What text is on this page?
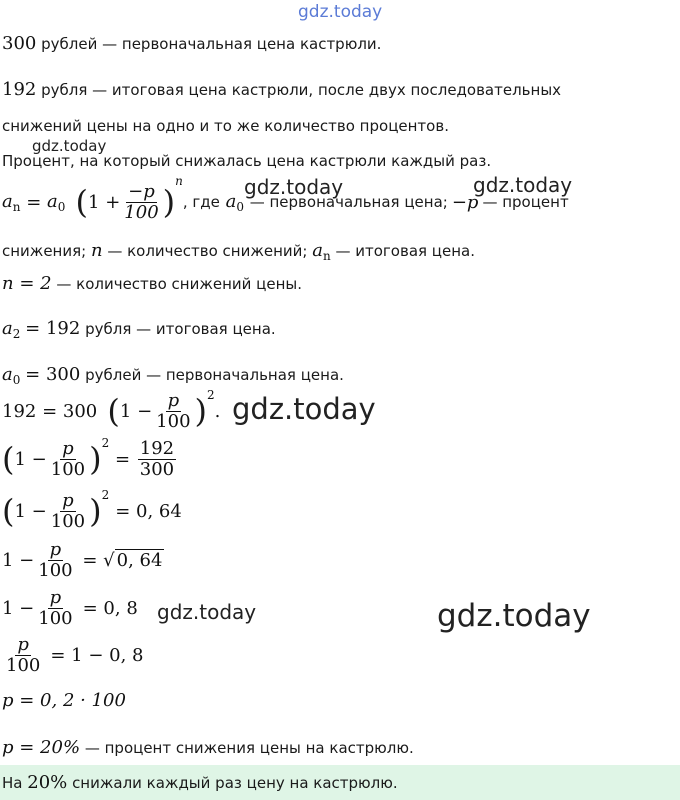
gdz.today
gdz.today
gdz.today	gdz.today
gdz.today
gdz.today	gdz.today
300 рублей — первоначальная цена кастрюли.
192 рубля — итоговая цена кастрюли, после двух последовательных
снижений цены на одно и то же количество процентов.
Процент, на который снижалась цена кастрюли каждый раз.
$a_n = a_0$ ( $1 + \frac{-p}{100}$ )
n
, где $a_0$ — первоначальная цена; −p — процент
снижения; n — количество снижений; $a_n$ — итоговая цена.
n = 2 — количество снижений цены.
$a_2 = 192$ рубля — итоговая цена.
$a_0 = 300$ рублей — первоначальная цена.
192 = 300 ( $1 - \frac{p}{100}$ ) 2
.
( $1 - \frac{p}{100}$ ) 2
= $\frac{192}{300}$
( $1 - \frac{p}{100}$ ) 2
= 0, 64
$1 - \frac{p}{100}$ = √ 0, 64
$1 - \frac{p}{100} = 0$, 8
$\frac{p}{100} = 1 - 0$, 8
p = 0, 2 · 100
p = 20% — процент снижения цены на кастрюлю.
На 20% снижали каждый раз цену на кастрюлю.
